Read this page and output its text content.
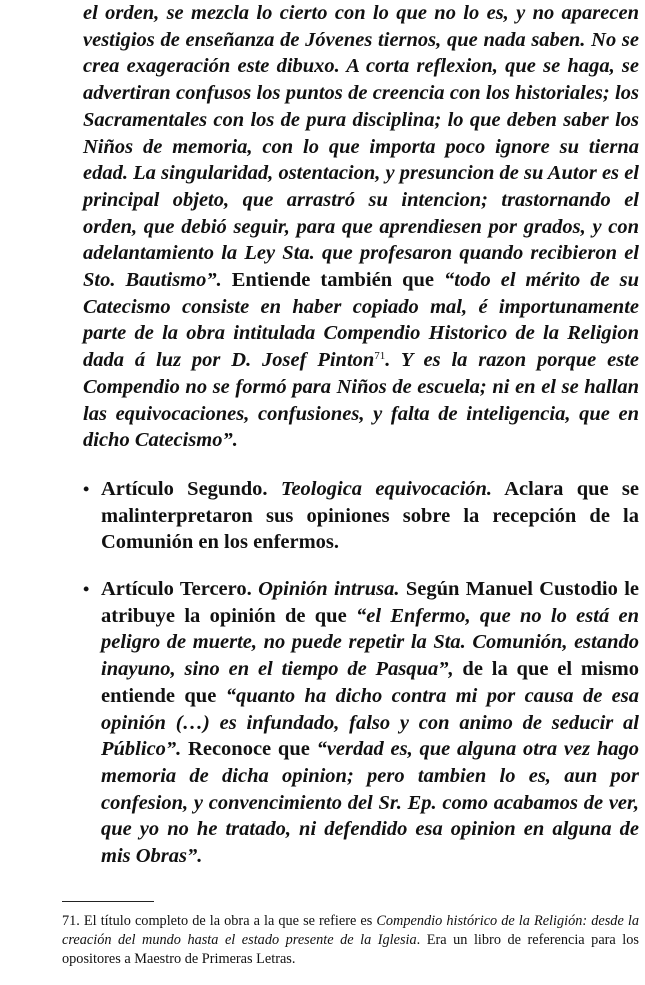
el orden, se mezcla lo cierto con lo que no lo es, y no aparecen vestigios de enseñanza de Jóvenes tiernos, que nada saben. No se crea exageración este dibuxo. A corta reflexion, que se haga, se advertiran confusos los puntos de creencia con los historiales; los Sacramentales con los de pura disciplina; lo que deben saber los Niños de memoria, con lo que importa poco ignore su tierna edad. La singularidad, ostentacion, y presuncion de su Autor es el principal objeto, que arrastró su intencion; trastornando el orden, que debió seguir, para que aprendiesen por grados, y con adelantamiento la Ley Sta. que profesaron quando recibieron el Sto. Bautismo”. Entiende también que “todo el mérito de su Catecismo consiste en haber copiado mal, é importunamente parte de la obra intitulada Compendio Historico de la Religion dada á luz por D. Josef Pinton$^{71}$. Y es la razon porque este Compendio no se formó para Niños de escuela; ni en el se hallan las equivocaciones, confusiones, y falta de inteligencia, que en dicho Catecismo”.

• Artículo Segundo. Teologica equivocación. Aclara que se malinterpretaron sus opiniones sobre la recepción de la Comunión en los enfermos.
• Artículo Tercero. Opinión intrusa. Según Manuel Custodio le atribuye la opinión de que “el Enfermo, que no lo está en peligro de muerte, no puede repetir la Sta. Comunión, estando inayuno, sino en el tiempo de Pasqua”, de la que el mismo entiende que “quanto ha dicho contra mi por causa de esa opinión (…) es infundado, falso y con animo de seducir al Público”. Reconoce que “verdad es, que alguna otra vez hago memoria de dicha opinion; pero tambien lo es, aun por confesion, y convencimiento del Sr. Ep. como acabamos de ver, que yo no he tratado, ni defendido esa opinion en alguna de mis Obras”.

71. El título completo de la obra a la que se refiere es Compendio histórico de la Religión: desde la creación del mundo hasta el estado presente de la Iglesia. Era un libro de referencia para los opositores a Maestro de Primeras Letras.
